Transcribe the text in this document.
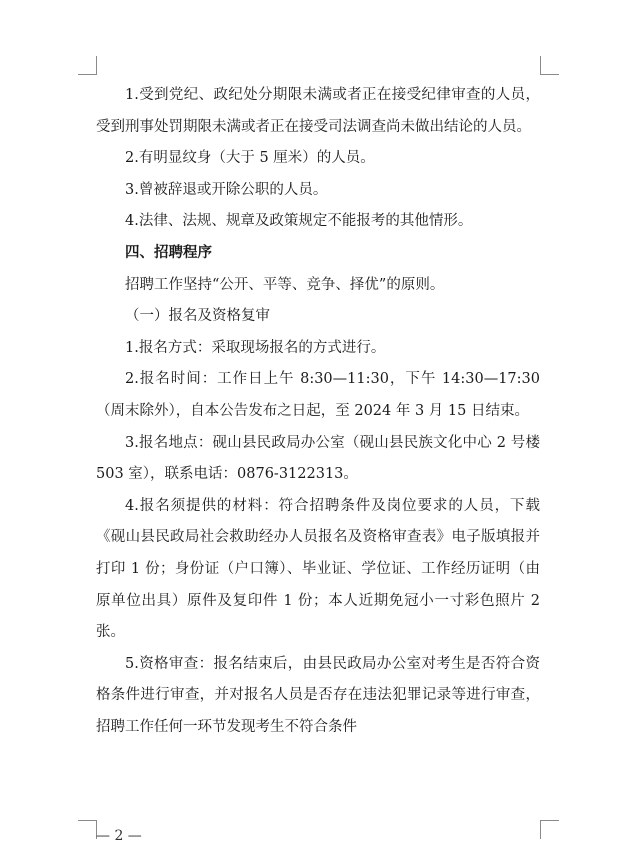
1.受到党纪、政纪处分期限未满或者正在接受纪律审查的人员，受到刑事处罚期限未满或者正在接受司法调查尚未做出结论的人员。

2.有明显纹身（大于 5 厘米）的人员。

3.曾被辞退或开除公职的人员。

4.法律、法规、规章及政策规定不能报考的其他情形。

四、招聘程序

招聘工作坚持“公开、平等、竞争、择优”的原则。

（一）报名及资格复审

1.报名方式：采取现场报名的方式进行。

2.报名时间：工作日上午 8:30—11:30，下午 14:30—17:30（周末除外），自本公告发布之日起，至 2024 年 3 月 15 日结束。

3.报名地点：砚山县民政局办公室（砚山县民族文化中心 2 号楼 503 室），联系电话：0876-3122313。

4.报名须提供的材料：符合招聘条件及岗位要求的人员，下载《砚山县民政局社会救助经办人员报名及资格审查表》电子版填报并打印 1 份；身份证（户口簿）、毕业证、学位证、工作经历证明（由原单位出具）原件及复印件 1 份；本人近期免冠小一寸彩色照片 2 张。

5.资格审查：报名结束后，由县民政局办公室对考生是否符合资格条件进行审查，并对报名人员是否存在违法犯罪记录等进行审查，招聘工作任何一环节发现考生不符合条件

— 2 —
